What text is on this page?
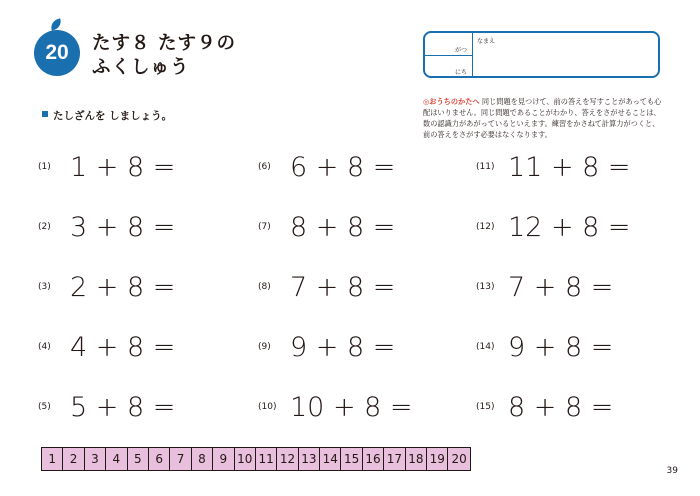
20	たす８ たす９の
ふくしゅう
がつ
にち
なまえ
◎おうちのかたへ 同じ問題を見つけて、前の答えを写すことがあっても心配はいりません。同じ問題であることがわかり、答えをさがせることは、数の認識力があがっているといえます。練習をかさねて計算力がつくと、前の答えをさがす必要はなくなります。
たしざんを しましょう。
(1) 1 + 8 =
(2) 3 + 8 =
(3) 2 + 8 =
(4) 4 + 8 =
(5) 5 + 8 =
(6) 6 + 8 =
(7) 8 + 8 =
(8) 7 + 8 =
(9) 9 + 8 =
(10) 10 + 8 =
(11) 11 + 8 =
(12) 12 + 8 =
(13) 7 + 8 =
(14) 9 + 8 =
(15) 8 + 8 =
1	2	3	4	5	6	7	8	9 10 11 12 13 14 15 16 17 18 19 20
39
